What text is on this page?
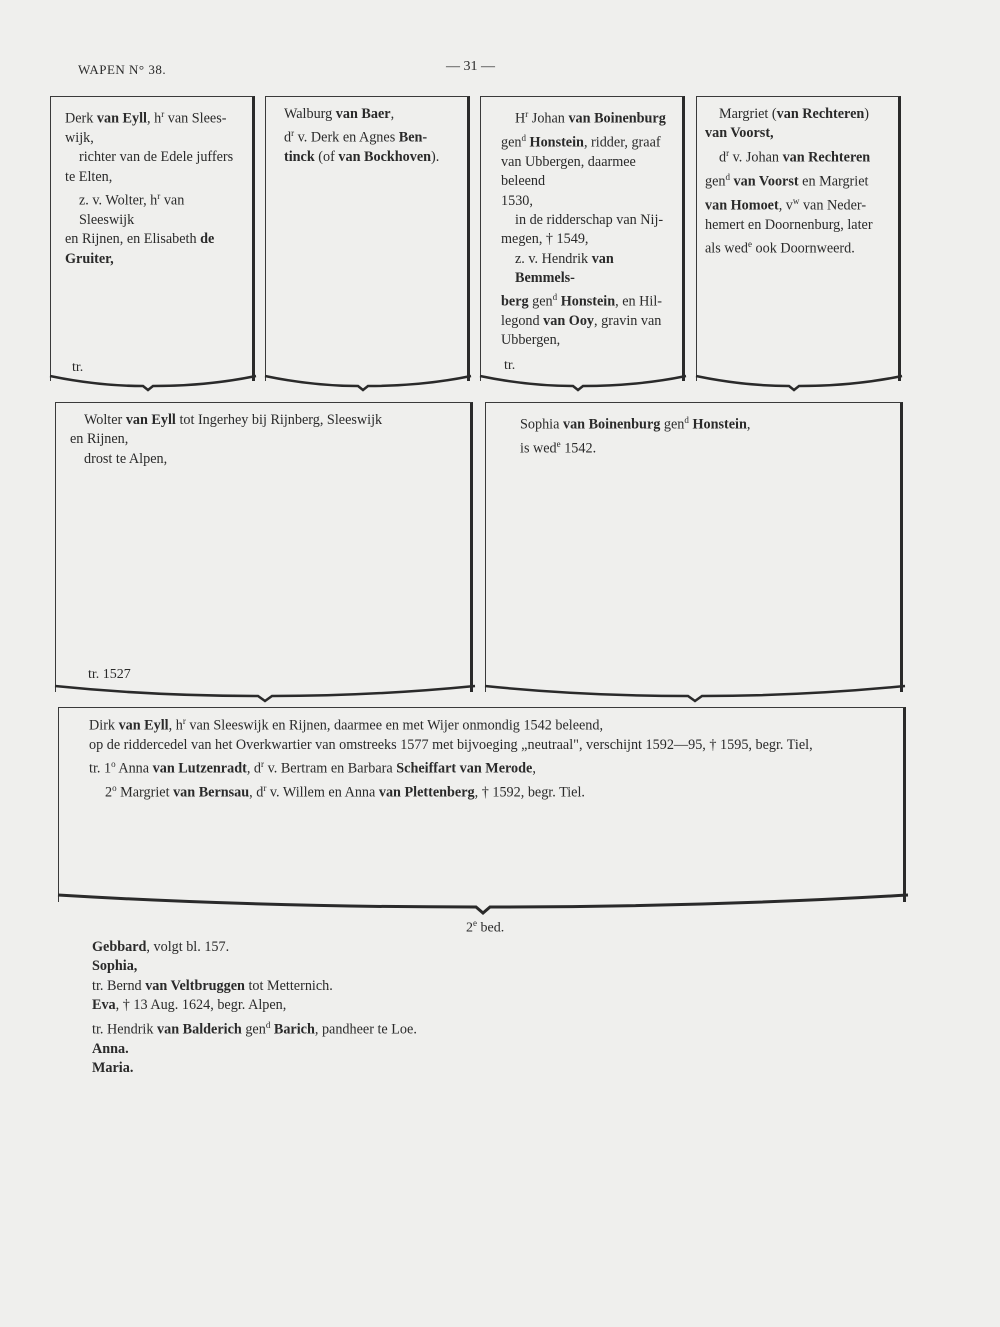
WAPEN N° 38.	— 31 —
Derk van Eyll, $h^r$ van Slees-
wijk,
richter van de Edele juffers
te Elten,
z. v. Wolter, $h^r$ van Sleeswijk
en Rijnen, en Elisabeth de
Gruiter,
tr.
Walburg van Baer,
$d^r$ v. Derk en Agnes Ben-
tinck (of van Bockhoven).
$H^r$ Johan van Boinenburg
gen$^d$ Honstein, ridder, graaf
van Ubbergen, daarmee beleend
1530,
in de ridderschap van Nij-
megen, † 1549,
z. v. Hendrik van Bemmels-
berg gen$^d$ Honstein, en Hil-
legond van Ooy, gravin van
Ubbergen,
tr.
Margriet (van Rechteren)
van Voorst,
$d^r$ v. Johan van Rechteren
gen$^d$ van Voorst en Margriet
van Homoet, $v^w$ van Neder-
hemert en Doornenburg, later
als wed$^e$ ook Doornweerd.
Wolter van Eyll tot Ingerhey bij Rijnberg, Sleeswijk
en Rijnen,
drost te Alpen,
tr. 1527
Sophia van Boinenburg gen$^d$ Honstein,
is wed$^e$ 1542.
Dirk van Eyll, $h^r$ van Sleeswijk en Rijnen, daarmee en met Wijer onmondig 1542 beleend,
op de riddercedel van het Overkwartier van omstreeks 1577 met bijvoeging „neutraal", verschijnt 1592—95, † 1595, begr. Tiel,
tr. 1$^o$ Anna van Lutzenradt, $d^r$ v. Bertram en Barbara Scheiffart van Merode,
2$^o$ Margriet van Bernsau, $d^r$ v. Willem en Anna van Plettenberg, † 1592, begr. Tiel.
2e bed.
Gebbard, volgt bl. 157.
Sophia,
tr. Bernd van Veltbruggen tot Metternich.
Eva, † 13 Aug. 1624, begr. Alpen,
tr. Hendrik van Balderich gen$^d$ Barich, pandheer te Loe.
Anna.
Maria.
